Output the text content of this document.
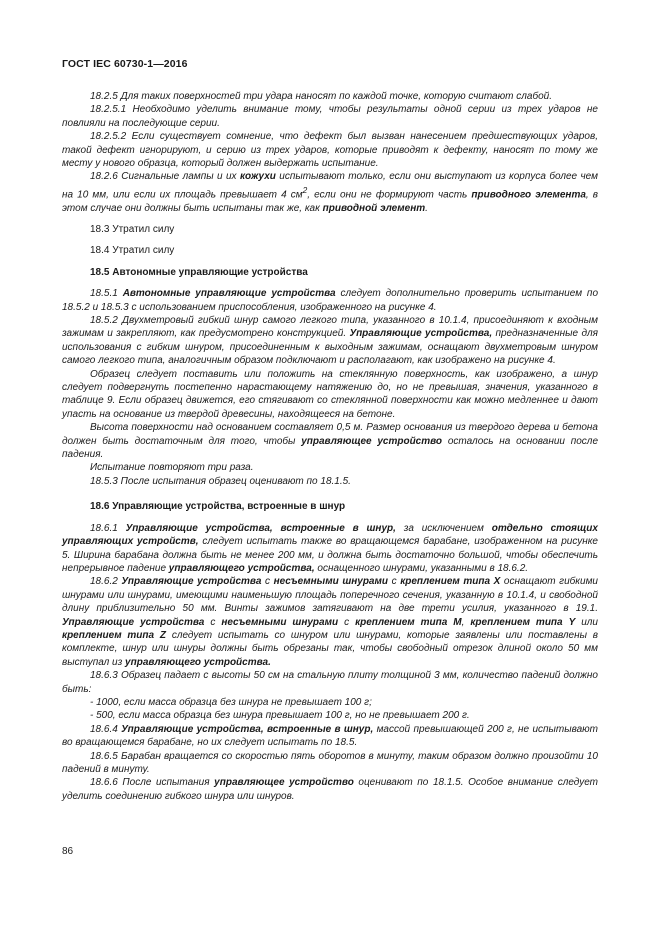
ГОСТ IEC 60730-1—2016

18.2.5 Для таких поверхностей три удара наносят по каждой точке, которую считают слабой.

18.2.5.1 Необходимо уделить внимание тому, чтобы результаты одной серии из трех ударов не повлияли на последующие серии.

18.2.5.2 Если существует сомнение, что дефект был вызван нанесением предшествующих ударов, такой дефект игнорируют, и серию из трех ударов, которые приводят к дефекту, наносят по тому же месту у нового образца, который должен выдержать испытание.

18.2.6 Сигнальные лампы и их кожухи испытывают только, если они выступают из корпуса более чем на 10 мм, или если их площадь превышает 4 $см^2$, если они не формируют часть приводного элемента, в этом случае они должны быть испытаны так же, как приводной элемент.

18.3 Утратил силу

18.4 Утратил силу

18.5 Автономные управляющие устройства

18.5.1 Автономные управляющие устройства следует дополнительно проверить испытанием по 18.5.2 и 18.5.3 с использованием приспособления, изображенного на рисунке 4.

18.5.2 Двухметровый гибкий шнур самого легкого типа, указанного в 10.1.4, присоединяют к входным зажимам и закрепляют, как предусмотрено конструкцией. Управляющие устройства, предназначенные для использования с гибким шнуром, присоединенным к выходным зажимам, оснащают двухметровым шнуром самого легкого типа, аналогичным образом подключают и располагают, как изображено на рисунке 4.

Образец следует поставить или положить на стеклянную поверхность, как изображено, а шнур следует подвергнуть постепенно нарастающему натяжению до, но не превышая, значения, указанного в таблице 9. Если образец движется, его стягивают со стеклянной поверхности как можно медленнее и дают упасть на основание из твердой древесины, находящееся на бетоне.

Высота поверхности над основанием составляет 0,5 м. Размер основания из твердого дерева и бетона должен быть достаточным для того, чтобы управляющее устройство осталось на основании после падения.

Испытание повторяют три раза.

18.5.3 После испытания образец оценивают по 18.1.5.

18.6 Управляющие устройства, встроенные в шнур

18.6.1 Управляющие устройства, встроенные в шнур, за исключением отдельно стоящих управляющих устройств, следует испытать также во вращающемся барабане, изображенном на рисунке 5. Ширина барабана должна быть не менее 200 мм, и должна быть достаточно большой, чтобы обеспечить непрерывное падение управляющего устройства, оснащенного шнурами, указанными в 18.6.2.

18.6.2 Управляющие устройства с несъемными шнурами с креплением типа X оснащают гибкими шнурами или шнурами, имеющими наименьшую площадь поперечного сечения, указанную в 10.1.4, и свободной длину приблизительно 50 мм. Винты зажимов затягивают на две трети усилия, указанного в 19.1. Управляющие устройства с несъемными шнурами с креплением типа M, креплением типа Y или креплением типа Z следует испытать со шнуром или шнурами, которые заявлены или поставлены в комплекте, шнур или шнуры должны быть обрезаны так, чтобы свободный отрезок длиной около 50 мм выступал из управляющего устройства.

18.6.3 Образец падает с высоты 50 см на стальную плиту толщиной 3 мм, количество падений должно быть:

- 1000, если масса образца без шнура не превышает 100 г;

- 500, если масса образца без шнура превышает 100 г, но не превышает 200 г.

18.6.4 Управляющие устройства, встроенные в шнур, массой превышающей 200 г, не испытывают во вращающемся барабане, но их следует испытать по 18.5.

18.6.5 Барабан вращается со скоростью пять оборотов в минуту, таким образом должно произойти 10 падений в минуту.

18.6.6 После испытания управляющее устройство оценивают по 18.1.5. Особое внимание следует уделить соединению гибкого шнура или шнуров.

86
